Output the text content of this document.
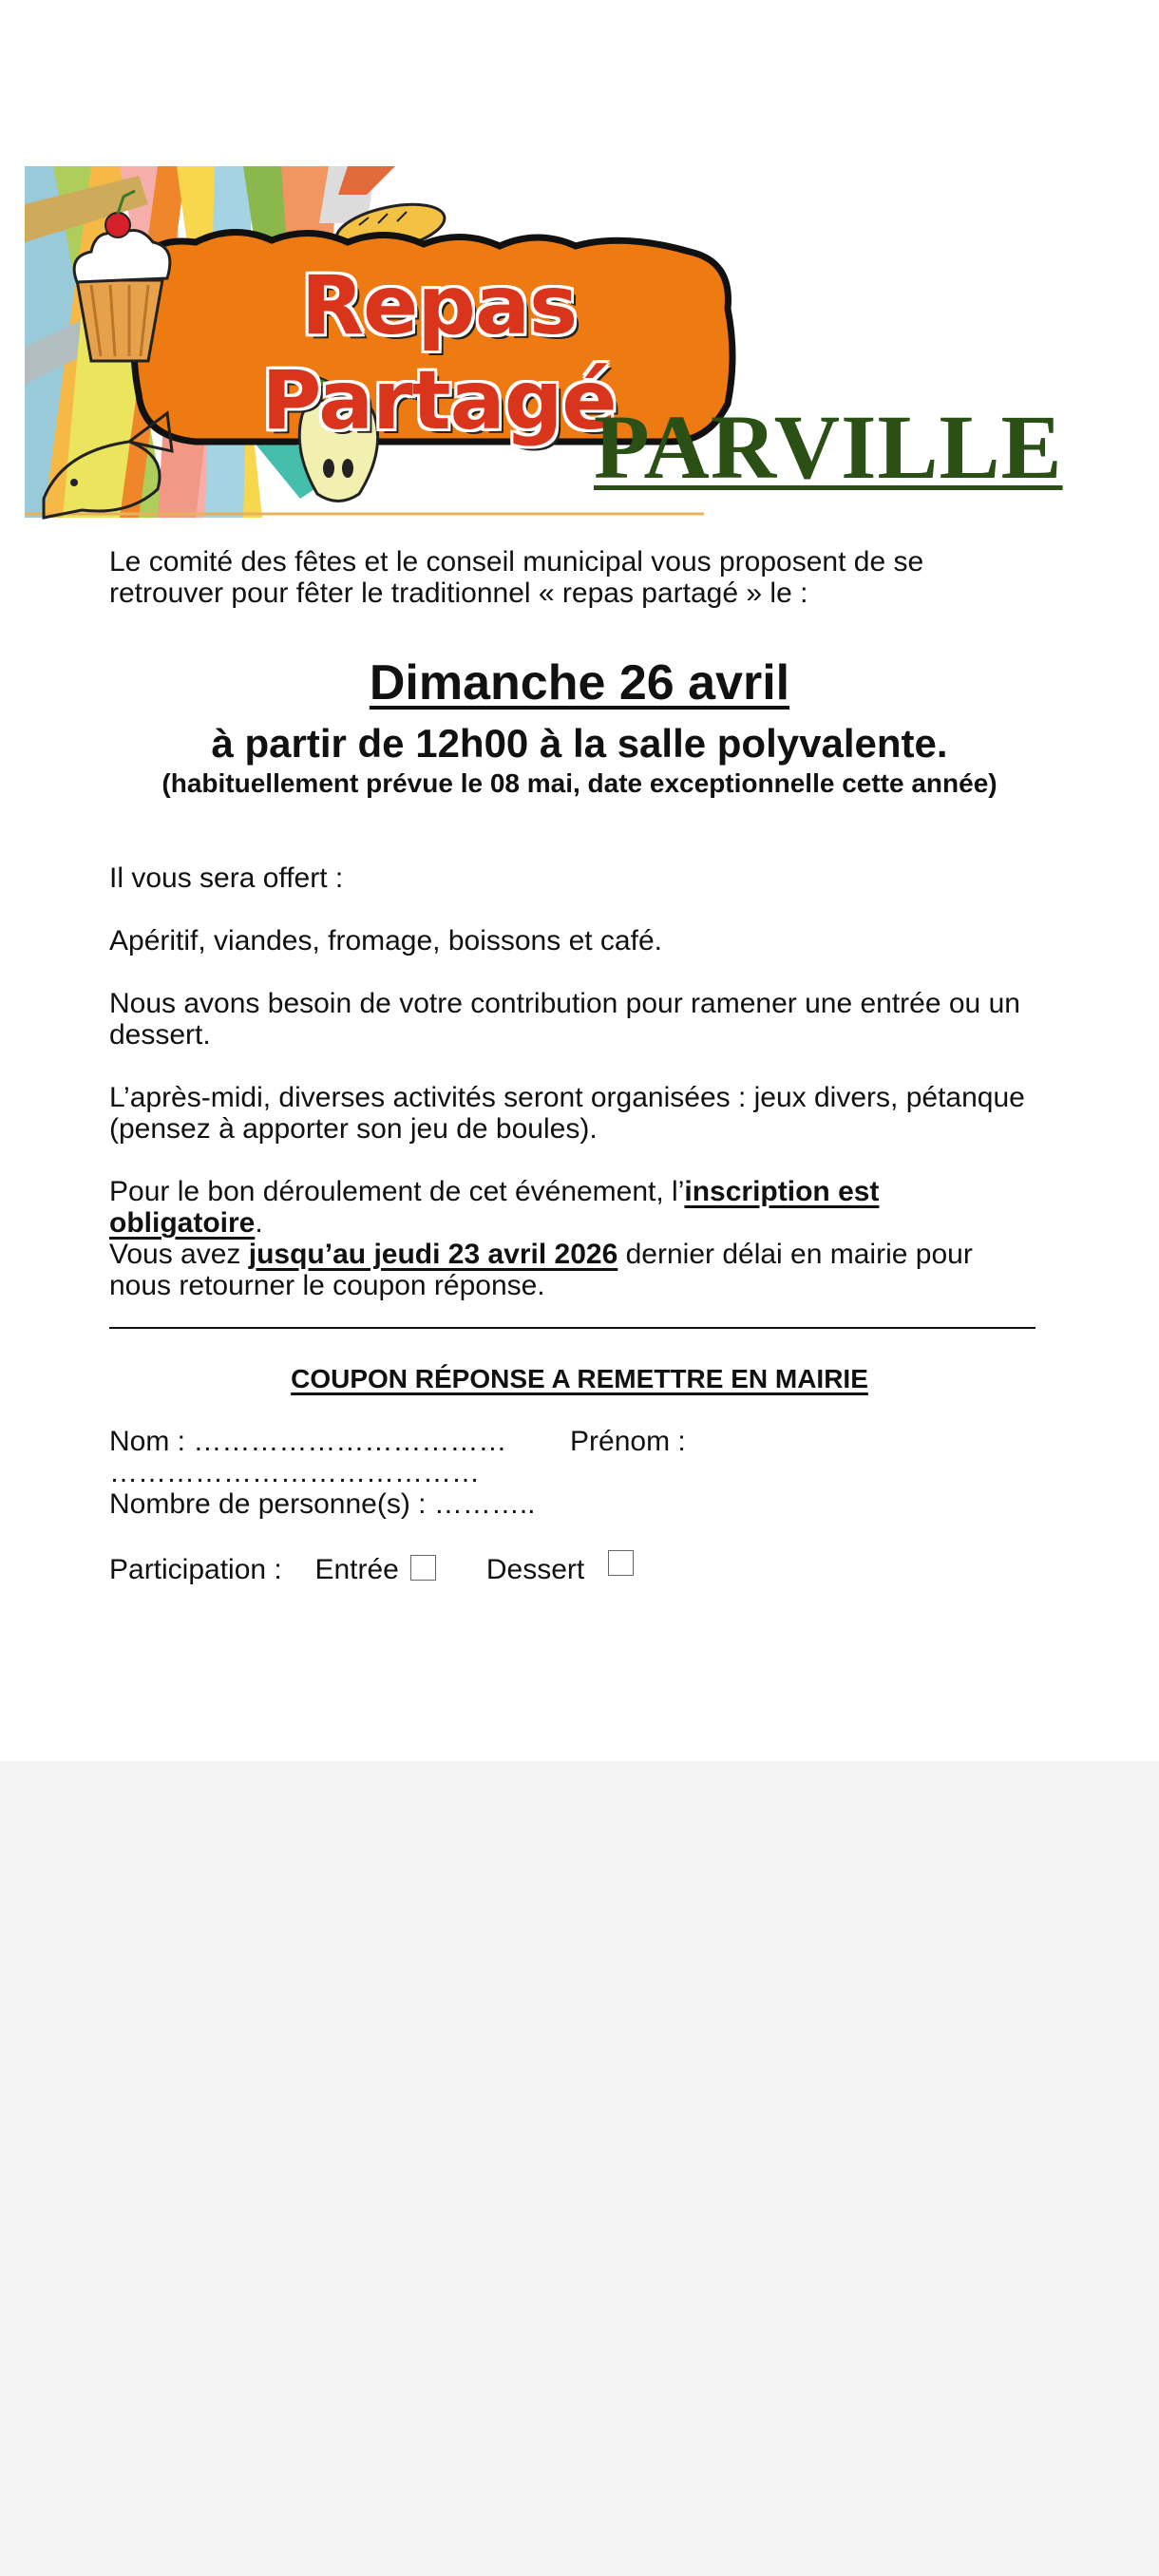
Repas Partagé
PARVILLE
Le comité des fêtes et le conseil municipal vous proposent de se retrouver pour fêter le traditionnel « repas partagé » le :
Dimanche 26 avril
à partir de 12h00 à la salle polyvalente.
(habituellement prévue le 08 mai, date exceptionnelle cette année)
Il vous sera offert :
Apéritif, viandes, fromage, boissons et café.
Nous avons besoin de votre contribution pour ramener une entrée ou un dessert.
L’après-midi, diverses activités seront organisées : jeux divers, pétanque (pensez à apporter son jeu de boules).
Pour le bon déroulement de cet événement, l’inscription est obligatoire.
Vous avez jusqu’au jeudi 23 avril 2026 dernier délai en mairie pour nous retourner le coupon réponse.
COUPON RÉPONSE A REMETTRE EN MAIRIE
Nom : …………………………… Prénom : …………………………………
Nombre de personne(s) : ………..
Participation : Entrée	Dessert
